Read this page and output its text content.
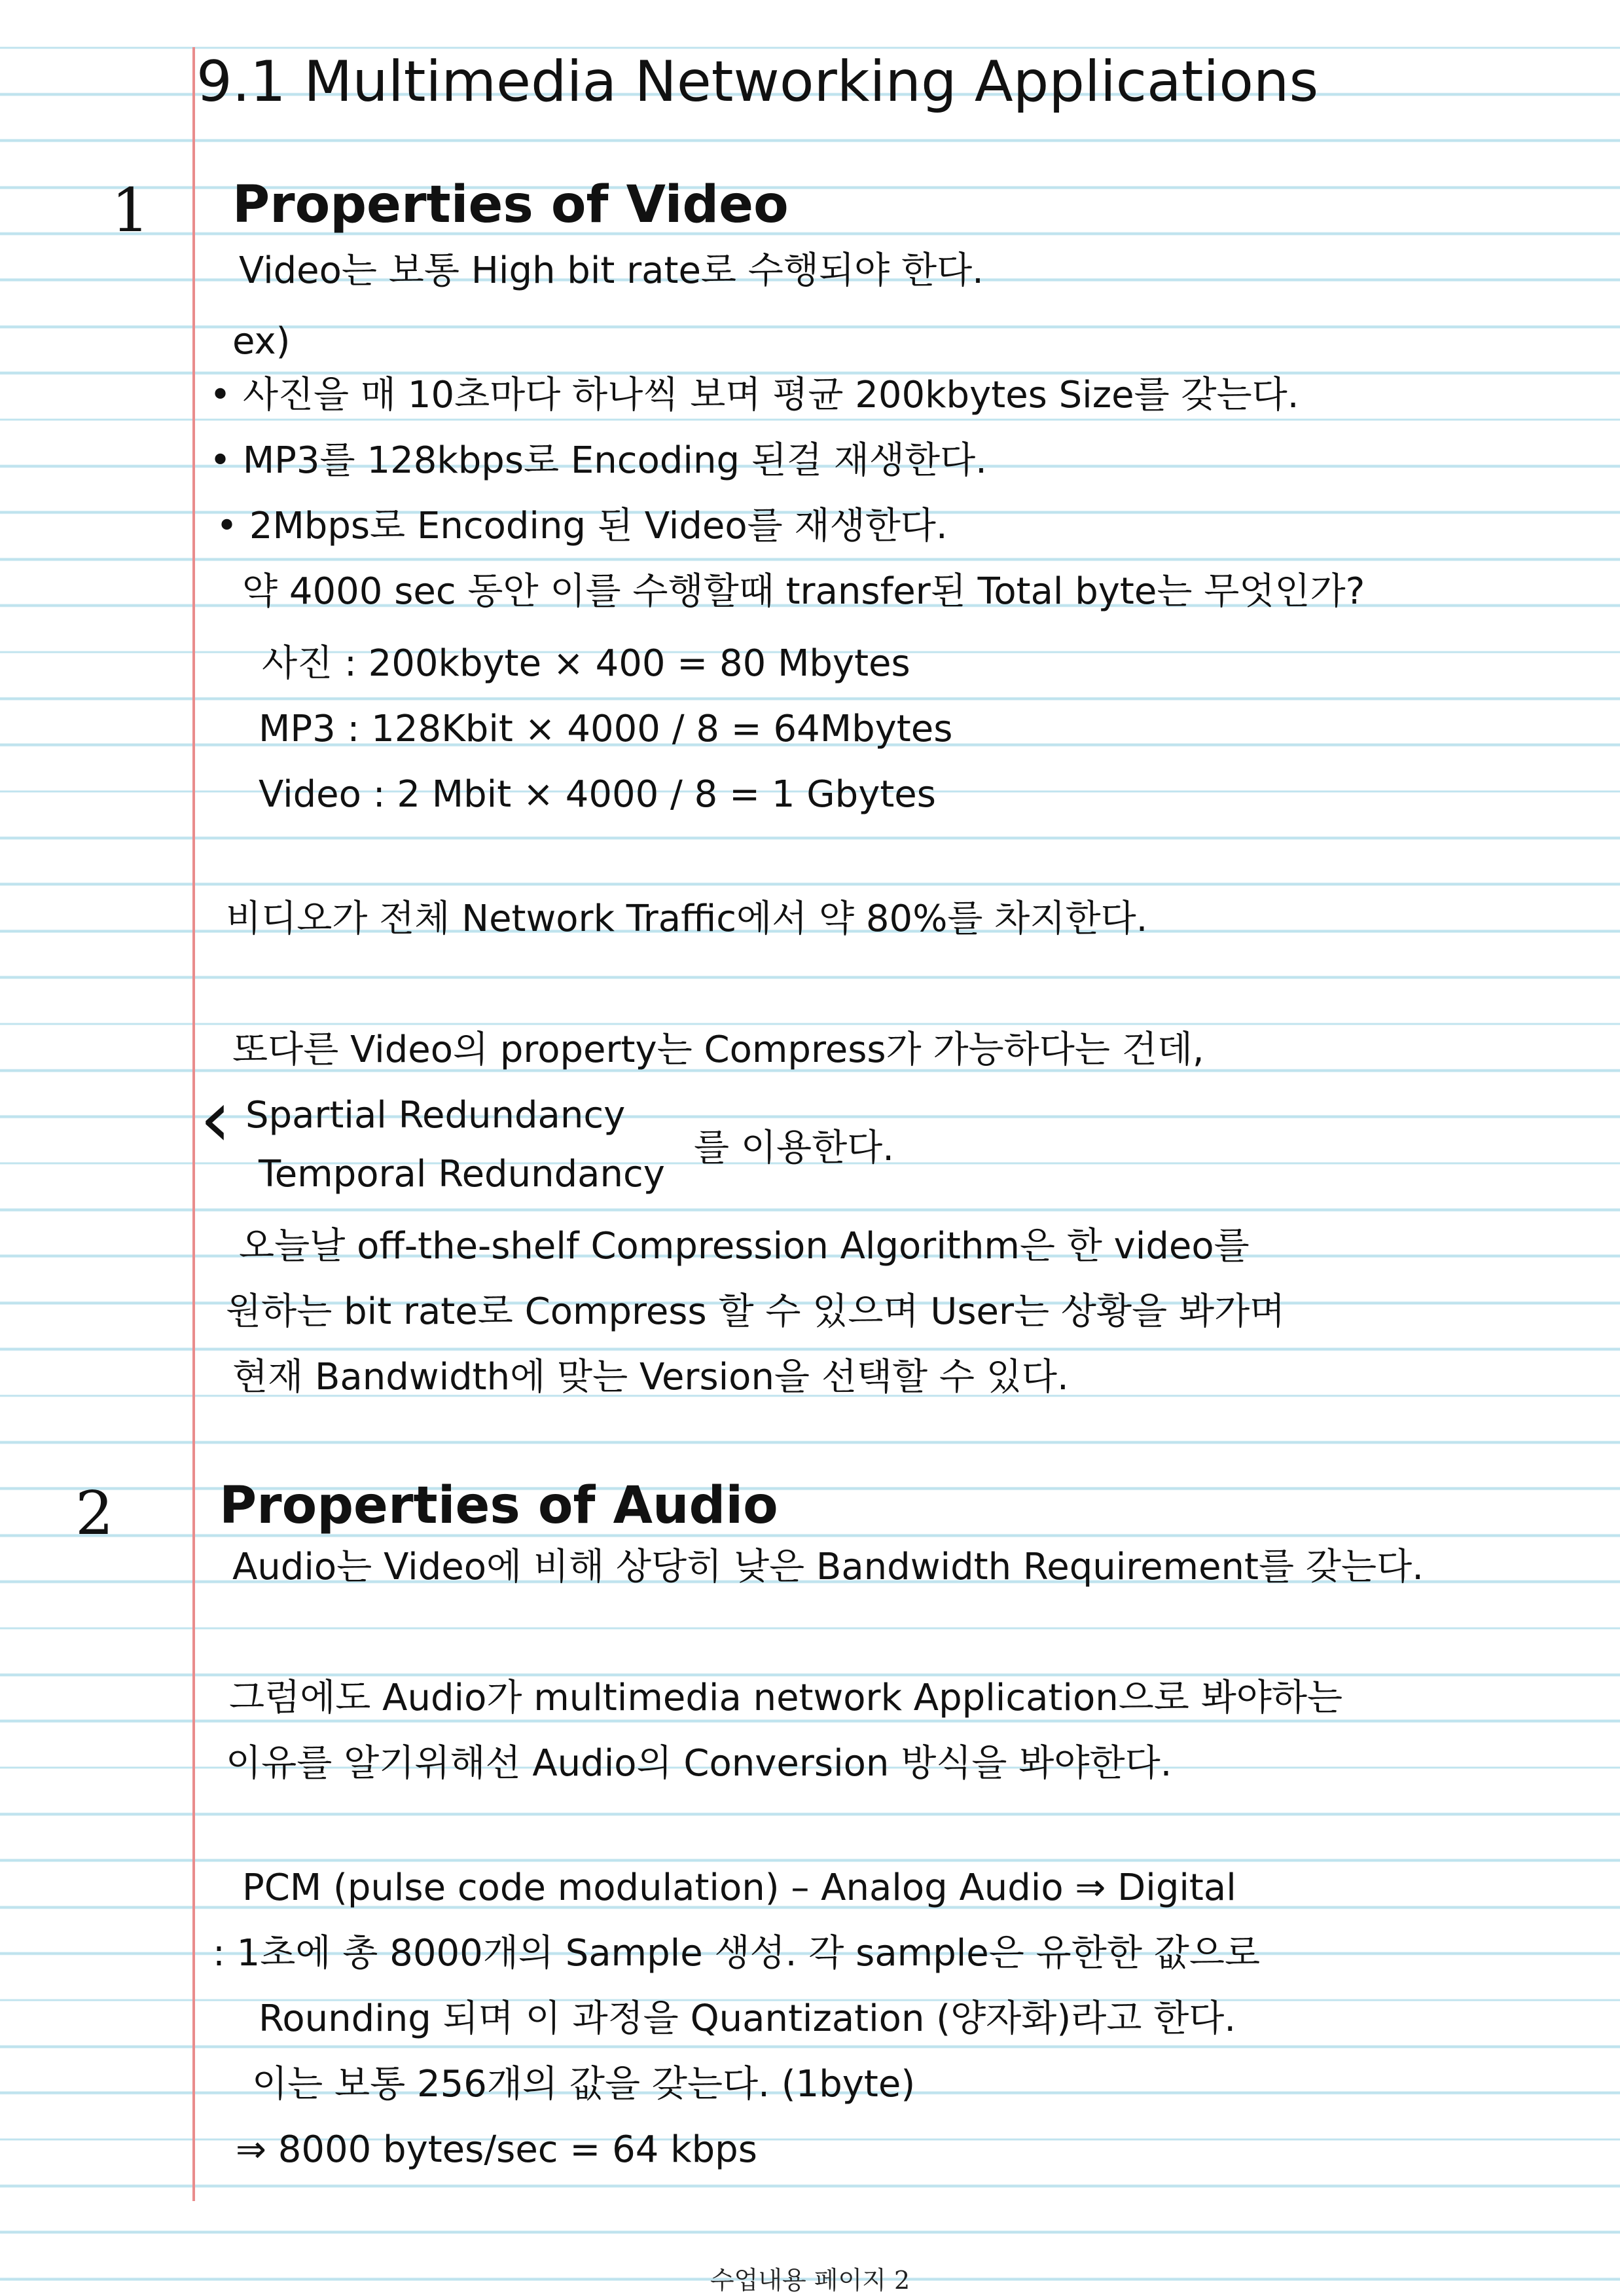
9.1 Multimedia Networking Applications
1 Properties of Video
Video는 보통 High bit rate로 수행되야 한다.
ex)
• 사진을 매 10초마다 하나씩 보며 평균 200kbytes Size를 갖는다.
• MP3를 128kbps로 Encoding 된걸 재생한다.
• 2Mbps로 Encoding 된 Video를 재생한다.
약 4000 sec 동안 이를 수행할때 transfer된 Total byte는 무엇인가?
사진 : 200kbyte × 400 = 80 Mbytes
MP3 : 128Kbit × 4000 / 8 = 64Mbytes
Video : 2 Mbit × 4000 / 8 = 1 Gbytes
비디오가 전체 Network Traffic에서 약 80%를 차지한다.
또다른 Video의 property는 Compress가 가능하다는 건데,
‹ Spartial Redundancy
Temporal Redundancy
를 이용한다.
오늘날 off-the-shelf Compression Algorithm은 한 video를
원하는 bit rate로 Compress 할 수 있으며 User는 상황을 봐가며
현재 Bandwidth에 맞는 Version을 선택할 수 있다.
2 Properties of Audio
Audio는 Video에 비해 상당히 낮은 Bandwidth Requirement를 갖는다.
그럼에도 Audio가 multimedia network Application으로 봐야하는
이유를 알기위해선 Audio의 Conversion 방식을 봐야한다.
PCM (pulse code modulation) – Analog Audio ⇒ Digital
: 1초에 총 8000개의 Sample 생성. 각 sample은 유한한 값으로
Rounding 되며 이 과정을 Quantization (양자화)라고 한다.
이는 보통 256개의 값을 갖는다. (1byte)
⇒ 8000 bytes/sec = 64 kbps
수업내용 페이지 2
